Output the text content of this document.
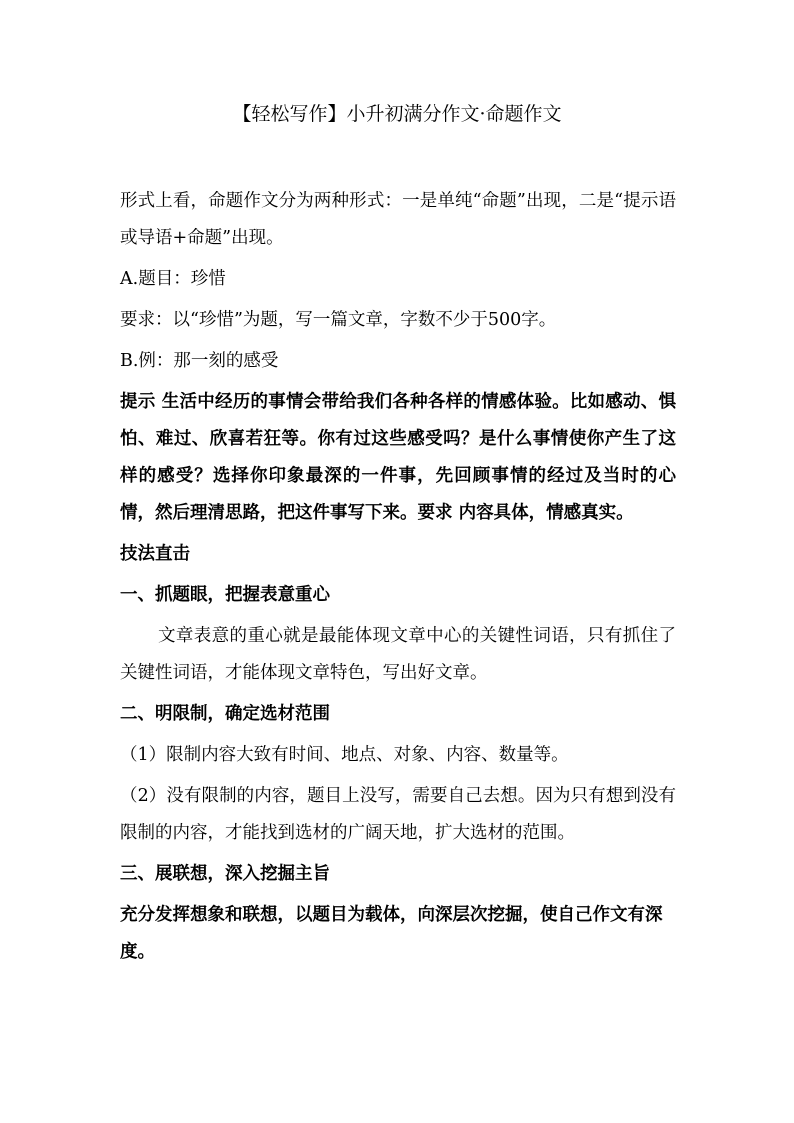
【轻松写作】小升初满分作文·命题作文

形式上看，命题作文分为两种形式：一是单纯“命题”出现，二是“提示语或导语+命题”出现。

A.题目：珍惜

要求：以“珍惜”为题，写一篇文章，字数不少于500字。

B.例：那一刻的感受

提示 生活中经历的事情会带给我们各种各样的情感体验。比如感动、惧怕、难过、欣喜若狂等。你有过这些感受吗？是什么事情使你产生了这样的感受？选择你印象最深的一件事，先回顾事情的经过及当时的心情，然后理清思路，把这件事写下来。要求 内容具体，情感真实。

技法直击

一、抓题眼，把握表意重心

文章表意的重心就是最能体现文章中心的关键性词语，只有抓住了关键性词语，才能体现文章特色，写出好文章。

二、明限制，确定选材范围

（1）限制内容大致有时间、地点、对象、内容、数量等。

（2）没有限制的内容，题目上没写，需要自己去想。因为只有想到没有限制的内容，才能找到选材的广阔天地，扩大选材的范围。

三、展联想，深入挖掘主旨

充分发挥想象和联想，以题目为载体，向深层次挖掘，使自己作文有深度。
